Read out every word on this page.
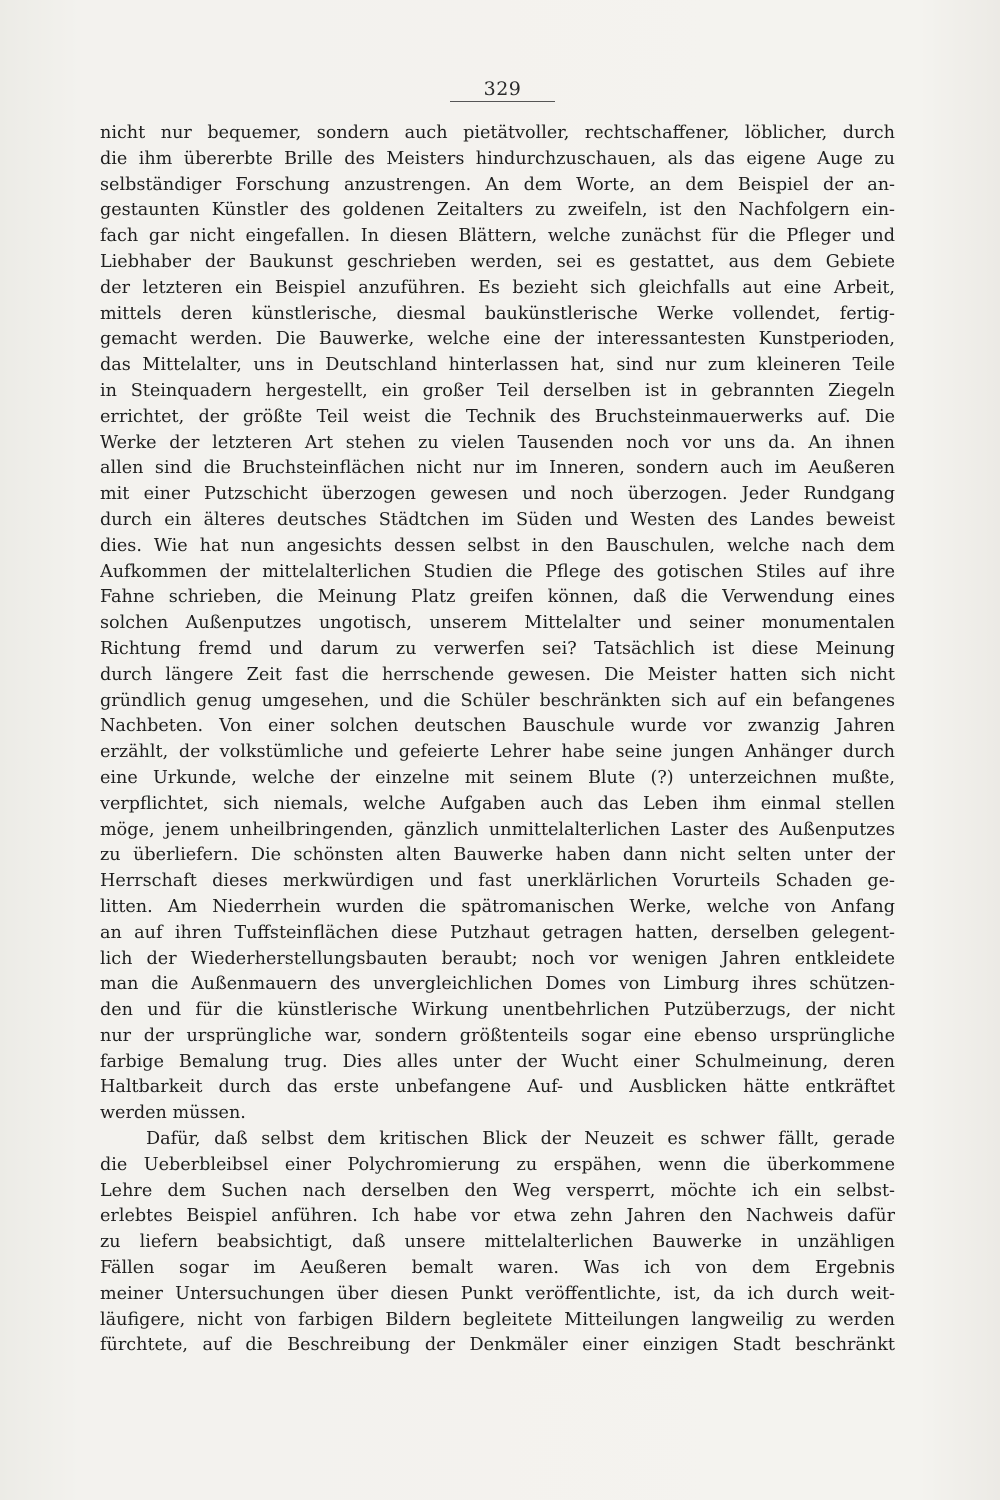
329
nicht nur bequemer, sondern auch pietätvoller, rechtschaffener, löblicher, durch
die ihm übererbte Brille des Meisters hindurchzuschauen, als das eigene Auge zu
selbständiger Forschung anzustrengen. An dem Worte, an dem Beispiel der an-
gestaunten Künstler des goldenen Zeitalters zu zweifeln, ist den Nachfolgern ein-
fach gar nicht eingefallen. In diesen Blättern, welche zunächst für die Pfleger und
Liebhaber der Baukunst geschrieben werden, sei es gestattet, aus dem Gebiete
der letzteren ein Beispiel anzuführen. Es bezieht sich gleichfalls aut eine Arbeit,
mittels deren künstlerische, diesmal baukünstlerische Werke vollendet, fertig-
gemacht werden. Die Bauwerke, welche eine der interessantesten Kunstperioden,
das Mittelalter, uns in Deutschland hinterlassen hat, sind nur zum kleineren Teile
in Steinquadern hergestellt, ein großer Teil derselben ist in gebrannten Ziegeln
errichtet, der größte Teil weist die Technik des Bruchsteinmauerwerks auf. Die
Werke der letzteren Art stehen zu vielen Tausenden noch vor uns da. An ihnen
allen sind die Bruchsteinflächen nicht nur im Inneren, sondern auch im Aeußeren
mit einer Putzschicht überzogen gewesen und noch überzogen. Jeder Rundgang
durch ein älteres deutsches Städtchen im Süden und Westen des Landes beweist
dies. Wie hat nun angesichts dessen selbst in den Bauschulen, welche nach dem
Aufkommen der mittelalterlichen Studien die Pflege des gotischen Stiles auf ihre
Fahne schrieben, die Meinung Platz greifen können, daß die Verwendung eines
solchen Außenputzes ungotisch, unserem Mittelalter und seiner monumentalen
Richtung fremd und darum zu verwerfen sei? Tatsächlich ist diese Meinung
durch längere Zeit fast die herrschende gewesen. Die Meister hatten sich nicht
gründlich genug umgesehen, und die Schüler beschränkten sich auf ein befangenes
Nachbeten. Von einer solchen deutschen Bauschule wurde vor zwanzig Jahren
erzählt, der volkstümliche und gefeierte Lehrer habe seine jungen Anhänger durch
eine Urkunde, welche der einzelne mit seinem Blute (?) unterzeichnen mußte,
verpflichtet, sich niemals, welche Aufgaben auch das Leben ihm einmal stellen
möge, jenem unheilbringenden, gänzlich unmittelalterlichen Laster des Außenputzes
zu überliefern. Die schönsten alten Bauwerke haben dann nicht selten unter der
Herrschaft dieses merkwürdigen und fast unerklärlichen Vorurteils Schaden ge-
litten. Am Niederrhein wurden die spätromanischen Werke, welche von Anfang
an auf ihren Tuffsteinflächen diese Putzhaut getragen hatten, derselben gelegent-
lich der Wiederherstellungsbauten beraubt; noch vor wenigen Jahren entkleidete
man die Außenmauern des unvergleichlichen Domes von Limburg ihres schützen-
den und für die künstlerische Wirkung unentbehrlichen Putzüberzugs, der nicht
nur der ursprüngliche war, sondern größtenteils sogar eine ebenso ursprüngliche
farbige Bemalung trug. Dies alles unter der Wucht einer Schulmeinung, deren
Haltbarkeit durch das erste unbefangene Auf- und Ausblicken hätte entkräftet
werden müssen.
Dafür, daß selbst dem kritischen Blick der Neuzeit es schwer fällt, gerade
die Ueberbleibsel einer Polychromierung zu erspähen, wenn die überkommene
Lehre dem Suchen nach derselben den Weg versperrt, möchte ich ein selbst-
erlebtes Beispiel anführen. Ich habe vor etwa zehn Jahren den Nachweis dafür
zu liefern beabsichtigt, daß unsere mittelalterlichen Bauwerke in unzähligen
Fällen sogar im Aeußeren bemalt waren. Was ich von dem Ergebnis
meiner Untersuchungen über diesen Punkt veröffentlichte, ist, da ich durch weit-
läufigere, nicht von farbigen Bildern begleitete Mitteilungen langweilig zu werden
fürchtete, auf die Beschreibung der Denkmäler einer einzigen Stadt beschränkt
